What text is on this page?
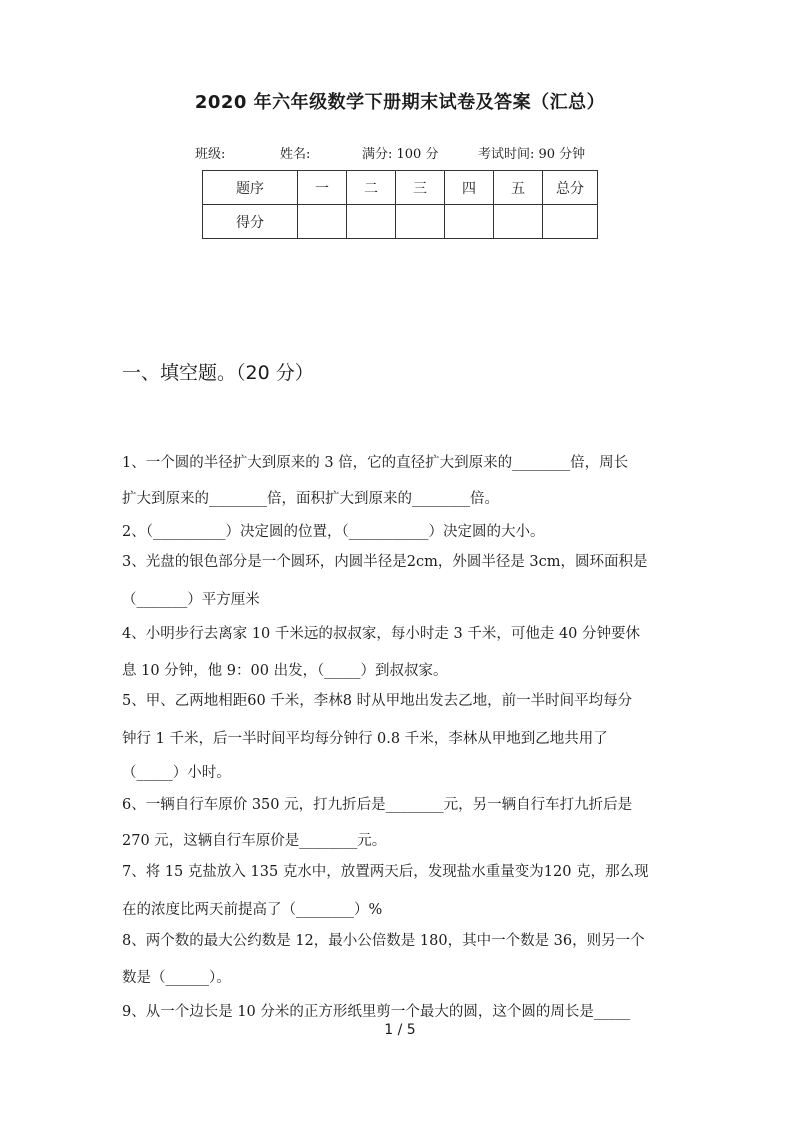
2020 年六年级数学下册期末试卷及答案（汇总）
班级:	姓名:	满分: 100 分	考试时间: 90 分钟
题序	一	二	三	四	五	总分
得分						
一、填空题。（20 分）
1、一个圆的半径扩大到原来的 3 倍，它的直径扩大到原来的________倍，周长
扩大到原来的________倍，面积扩大到原来的________倍。
2、（__________）决定圆的位置，（___________）决定圆的大小。
3、光盘的银色部分是一个圆环，内圆半径是2cm，外圆半径是 3cm，圆环面积是
（_______）平方厘米
4、小明步行去离家 10 千米远的叔叔家，每小时走 3 千米，可他走 40 分钟要休
息 10 分钟，他 9：00 出发，（_____）到叔叔家。
5、甲、乙两地相距60 千米，李林8 时从甲地出发去乙地，前一半时间平均每分
钟行 1 千米，后一半时间平均每分钟行 0.8 千米，李林从甲地到乙地共用了
（_____）小时。
6、一辆自行车原价 350 元，打九折后是________元，另一辆自行车打九折后是
270 元，这辆自行车原价是________元。
7、将 15 克盐放入 135 克水中，放置两天后，发现盐水重量变为120 克，那么现
在的浓度比两天前提高了（________）%
8、两个数的最大公约数是 12，最小公倍数是 180，其中一个数是 36，则另一个
数是（______）。
9、从一个边长是 10 分米的正方形纸里剪一个最大的圆，这个圆的周长是_____
1 / 5
